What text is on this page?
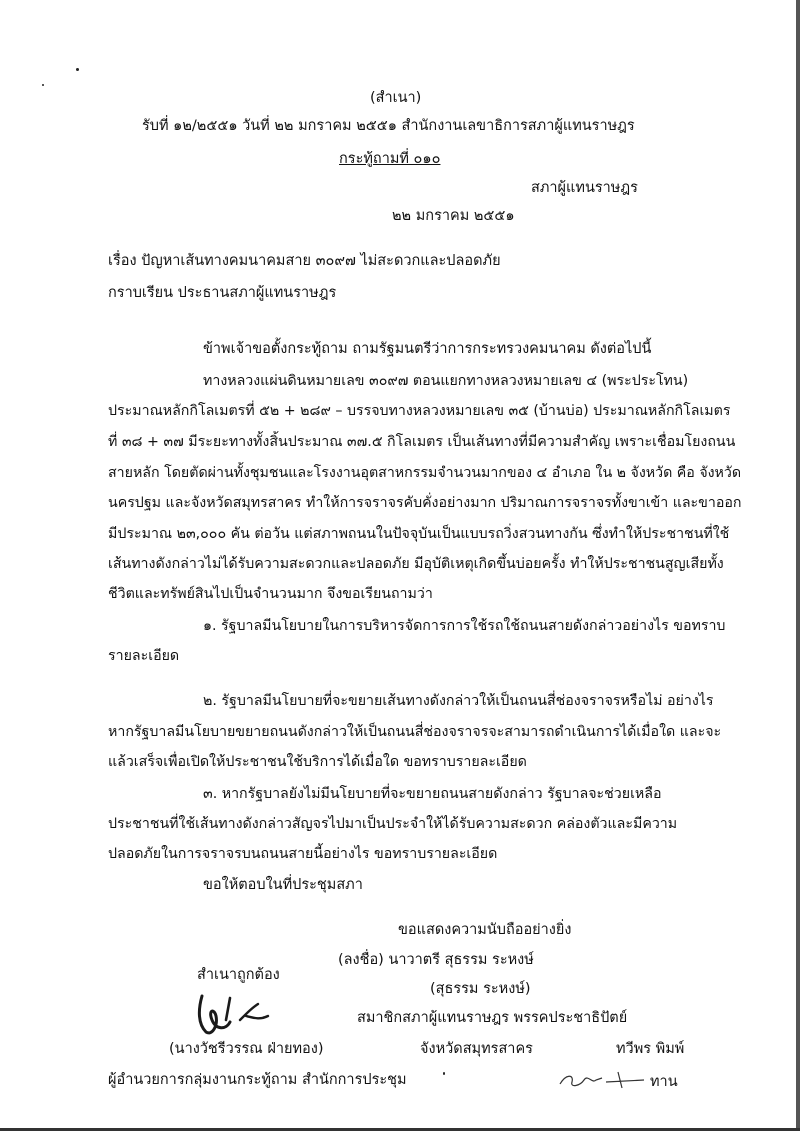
(สำเนา)
รับที่ ๑๒/๒๕๕๑ วันที่ ๒๒ มกราคม ๒๕๕๑ สำนักงานเลขาธิการสภาผู้แทนราษฎร
กระทู้ถามที่ ๐๑๐
สภาผู้แทนราษฎร
๒๒ มกราคม ๒๕๕๑
เรื่อง ปัญหาเส้นทางคมนาคมสาย ๓๐๙๗ ไม่สะดวกและปลอดภัย
กราบเรียน ประธานสภาผู้แทนราษฎร
ข้าพเจ้าขอตั้งกระทู้ถาม ถามรัฐมนตรีว่าการกระทรวงคมนาคม ดังต่อไปนี้
ทางหลวงแผ่นดินหมายเลข ๓๐๙๗ ตอนแยกทางหลวงหมายเลข ๔ (พระประโทน)
ประมาณหลักกิโลเมตรที่ ๕๒ + ๒๘๙ – บรรจบทางหลวงหมายเลข ๓๕ (บ้านบ่อ) ประมาณหลักกิโลเมตร
ที่ ๓๘ + ๓๗ มีระยะทางทั้งสิ้นประมาณ ๓๗.๕ กิโลเมตร เป็นเส้นทางที่มีความสำคัญ เพราะเชื่อมโยงถนน
สายหลัก โดยตัดผ่านทั้งชุมชนและโรงงานอุตสาหกรรมจำนวนมากของ ๔ อำเภอ ใน ๒ จังหวัด คือ จังหวัด
นครปฐม และจังหวัดสมุทรสาคร ทำให้การจราจรคับคั่งอย่างมาก ปริมาณการจราจรทั้งขาเข้า และขาออก
มีประมาณ ๒๓,๐๐๐ คัน ต่อวัน แต่สภาพถนนในปัจจุบันเป็นแบบรถวิ่งสวนทางกัน ซึ่งทำให้ประชาชนที่ใช้
เส้นทางดังกล่าวไม่ได้รับความสะดวกและปลอดภัย มีอุบัติเหตุเกิดขึ้นบ่อยครั้ง ทำให้ประชาชนสูญเสียทั้ง
ชีวิตและทรัพย์สินไปเป็นจำนวนมาก จึงขอเรียนถามว่า
๑. รัฐบาลมีนโยบายในการบริหารจัดการการใช้รถใช้ถนนสายดังกล่าวอย่างไร ขอทราบ
รายละเอียด
๒. รัฐบาลมีนโยบายที่จะขยายเส้นทางดังกล่าวให้เป็นถนนสี่ช่องจราจรหรือไม่ อย่างไร
หากรัฐบาลมีนโยบายขยายถนนดังกล่าวให้เป็นถนนสี่ช่องจราจรจะสามารถดำเนินการได้เมื่อใด และจะ
แล้วเสร็จเพื่อเปิดให้ประชาชนใช้บริการได้เมื่อใด ขอทราบรายละเอียด
๓. หากรัฐบาลยังไม่มีนโยบายที่จะขยายถนนสายดังกล่าว รัฐบาลจะช่วยเหลือ
ประชาชนที่ใช้เส้นทางดังกล่าวสัญจรไปมาเป็นประจำให้ได้รับความสะดวก คล่องตัวและมีความ
ปลอดภัยในการจราจรบนถนนสายนี้อย่างไร ขอทราบรายละเอียด
ขอให้ตอบในที่ประชุมสภา
ขอแสดงความนับถืออย่างยิ่ง
(ลงชื่อ) นาวาตรี สุธรรม ระหงษ์
(สุธรรม ระหงษ์)
สมาชิกสภาผู้แทนราษฎร พรรคประชาธิปัตย์
จังหวัดสมุทรสาคร
สำเนาถูกต้อง
(นางวัชรีวรรณ ฝ่ายทอง)
ผู้อำนวยการกลุ่มงานกระทู้ถาม สำนักการประชุม
ทวีพร พิมพ์
ทาน
